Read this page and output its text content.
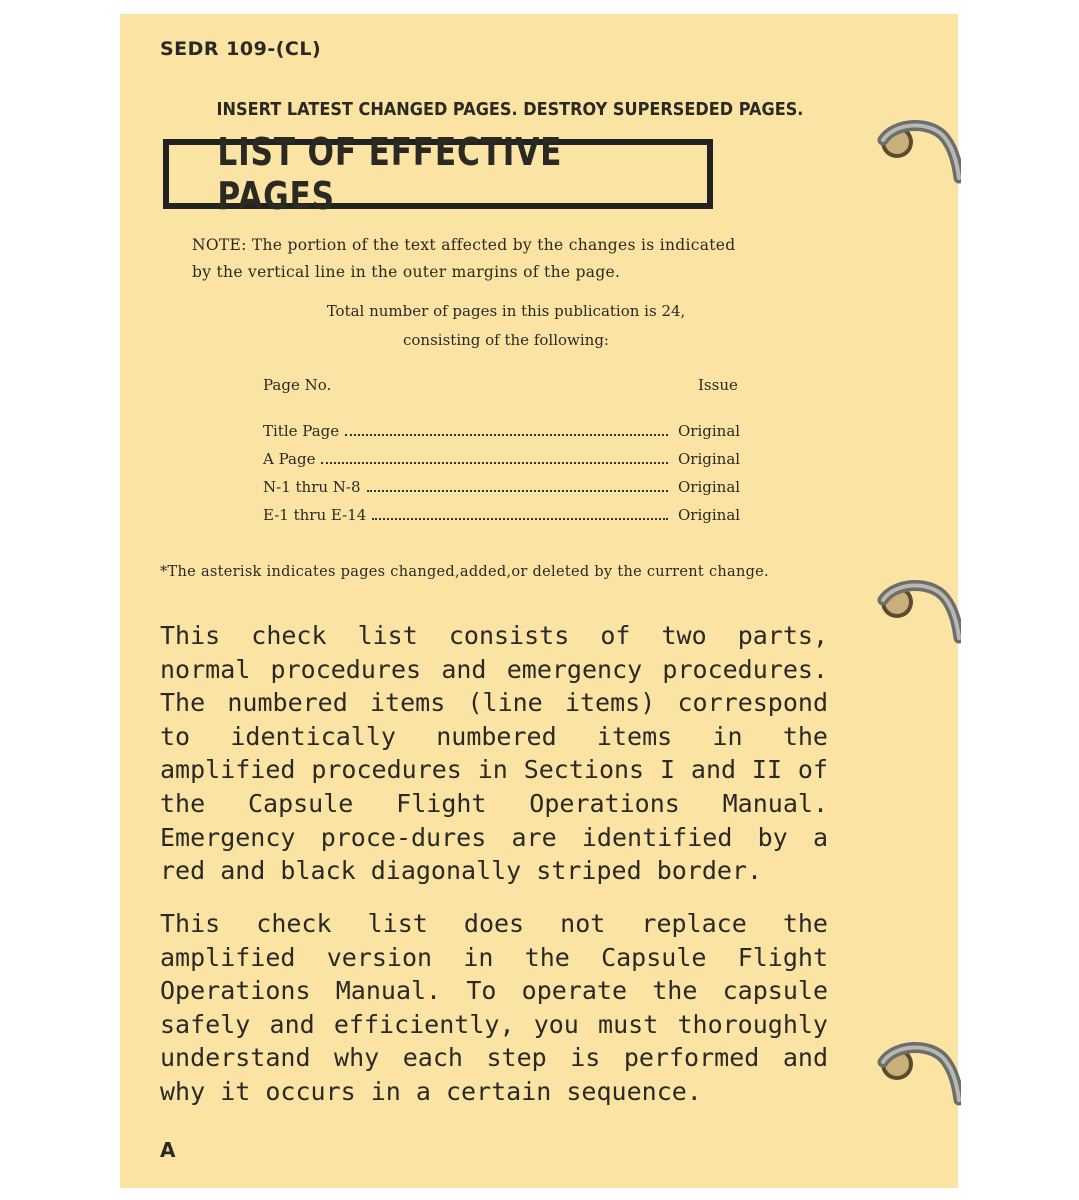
SEDR 109-(CL)
INSERT LATEST CHANGED PAGES. DESTROY SUPERSEDED PAGES.
LIST OF EFFECTIVE PAGES
NOTE: The portion of the text affected by the changes is indicated
by the vertical line in the outer margins of the page.
Total number of pages in this publication is 24,
consisting of the following:
Page No.	Issue
Title Page	Original
A Page	Original
N-1 thru N-8	Original
E-1 thru E-14	Original
*The asterisk indicates pages changed,added,or deleted by the current change.
This check list consists of two parts, normal procedures and emergency procedures. The numbered items (line items) correspond to identically numbered items in the amplified procedures in Sections I and II of the Capsule Flight Operations Manual. Emergency proce-dures are identified by a red and black diagonally striped border.
This check list does not replace the amplified version in the Capsule Flight Operations Manual. To operate the capsule safely and efficiently, you must thoroughly understand why each step is performed and why it occurs in a certain sequence.
A
